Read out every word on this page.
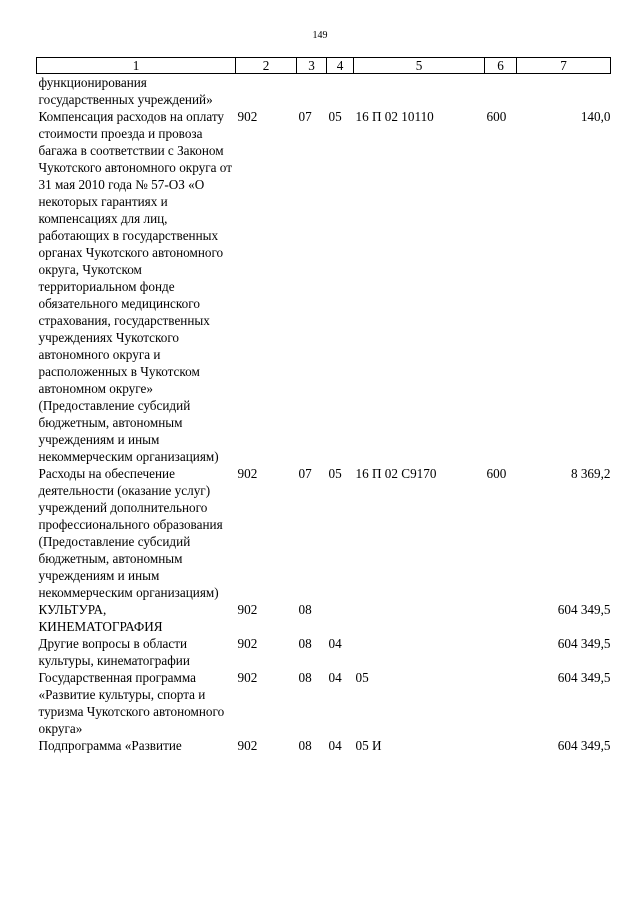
149
1	2	3	4	5	6	7
функционирования государственных учреждений»						
Компенсация расходов на оплату стоимости проезда и провоза багажа в соответствии с Законом Чукотского автономного округа от 31 мая 2010 года № 57-ОЗ «О некоторых гарантиях и компенсациях для лиц, работающих в государственных органах Чукотского автономного округа, Чукотском территориальном фонде обязательного медицинского страхования, государственных учреждениях Чукотского автономного округа и расположенных в Чукотском автономном округе» (Предоставление субсидий бюджетным, автономным учреждениям и иным некоммерческим организациям)	902	07	05	16 П 02 10110	600	140,0
Расходы на обеспечение деятельности (оказание услуг) учреждений дополнительного профессионального образования (Предоставление субсидий бюджетным, автономным учреждениям и иным некоммерческим организациям)	902	07	05	16 П 02 С9170	600	8 369,2
КУЛЬТУРА, КИНЕМАТОГРАФИЯ	902	08				604 349,5
Другие вопросы в области культуры, кинематографии	902	08	04			604 349,5
Государственная программа «Развитие культуры, спорта и туризма Чукотского автономного округа»	902	08	04	05		604 349,5
Подпрограмма «Развитие	902	08	04	05 И		604 349,5
